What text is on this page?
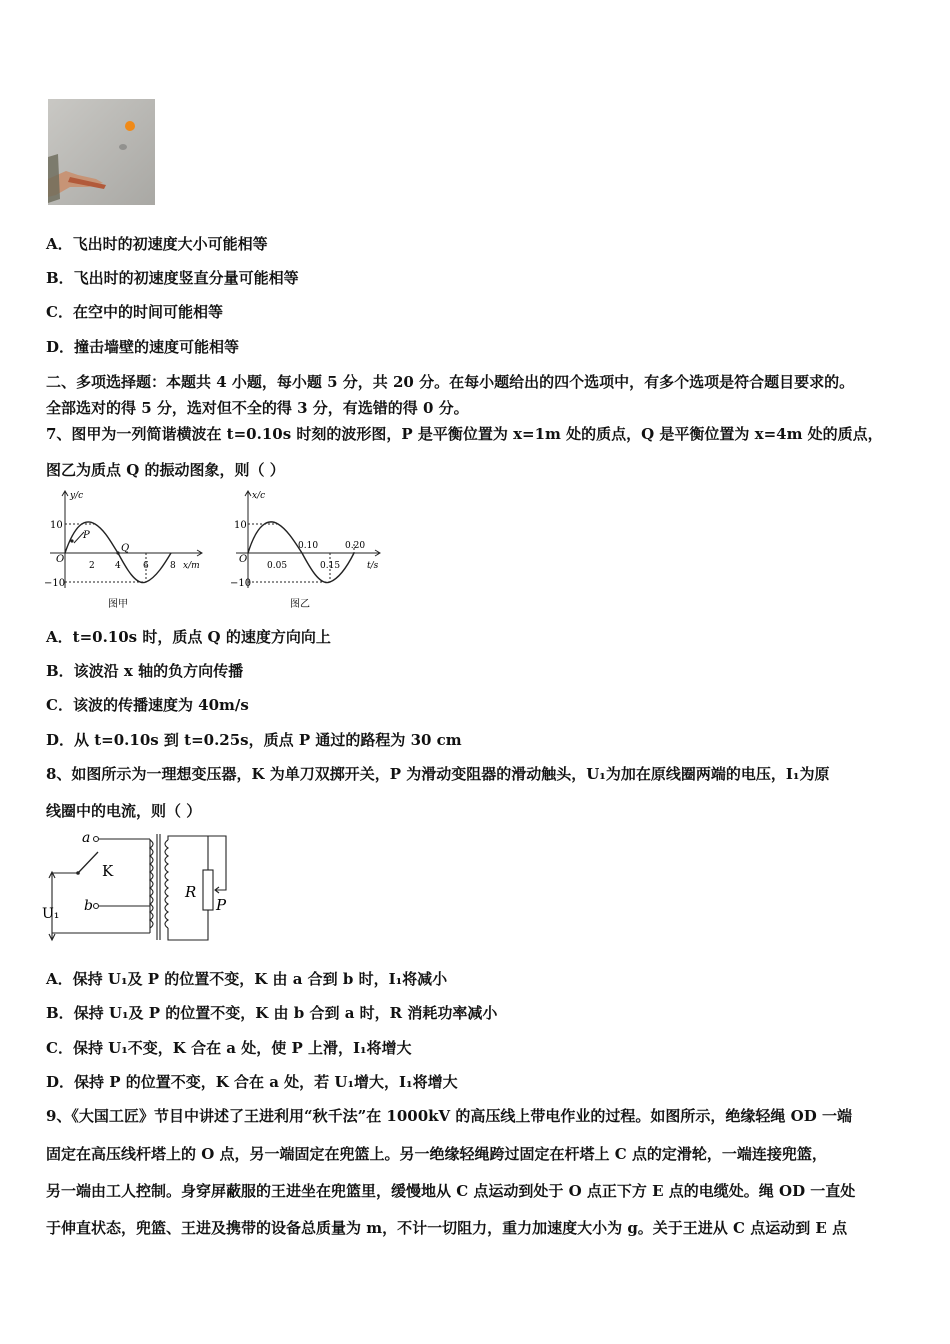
A．飞出时的初速度大小可能相等
B．飞出时的初速度竖直分量可能相等
C．在空中的时间可能相等
D．撞击墙壁的速度可能相等
二、多项选择题：本题共 4 小题，每小题 5 分，共 20 分。在每小题给出的四个选项中，有多个选项是符合题目要求的。
全部选对的得 5 分，选对但不全的得 3 分，有选错的得 0 分。
7、图甲为一列简谐横波在 t=0.10s 时刻的波形图，P 是平衡位置为 x=1m 处的质点，Q 是平衡位置为 x=4m 处的质点，
图乙为质点 Q 的振动图象，则（ ）
y/c
10
−10
O
P
Q
2 4 6 8 x/m
图甲
x/c
10
−10
O
0.05
0.10
0.15
0.20
t/s
图乙
A．t=0.10s 时，质点 Q 的速度方向向上
B．该波沿 x 轴的负方向传播
C．该波的传播速度为 40m/s
D．从 t=0.10s 到 t=0.25s，质点 P 通过的路程为 30 cm
8、如图所示为一理想变压器，K 为单刀双掷开关，P 为滑动变阻器的滑动触头，U₁为加在原线圈两端的电压，I₁为原
线圈中的电流，则（ ）
a
b
K
R
P
U₁
A．保持 U₁及 P 的位置不变，K 由 a 合到 b 时，I₁将减小
B．保持 U₁及 P 的位置不变，K 由 b 合到 a 时，R 消耗功率减小
C．保持 U₁不变，K 合在 a 处，使 P 上滑，I₁将增大
D．保持 P 的位置不变，K 合在 a 处，若 U₁增大，I₁将增大
9、《大国工匠》节目中讲述了王进利用“秋千法”在 1000kV 的高压线上带电作业的过程。如图所示，绝缘轻绳 OD 一端
固定在高压线杆塔上的 O 点，另一端固定在兜篮上。另一绝缘轻绳跨过固定在杆塔上 C 点的定滑轮，一端连接兜篮，
另一端由工人控制。身穿屏蔽服的王进坐在兜篮里，缓慢地从 C 点运动到处于 O 点正下方 E 点的电缆处。绳 OD 一直处
于伸直状态，兜篮、王进及携带的设备总质量为 m，不计一切阻力，重力加速度大小为 g。关于王进从 C 点运动到 E 点
